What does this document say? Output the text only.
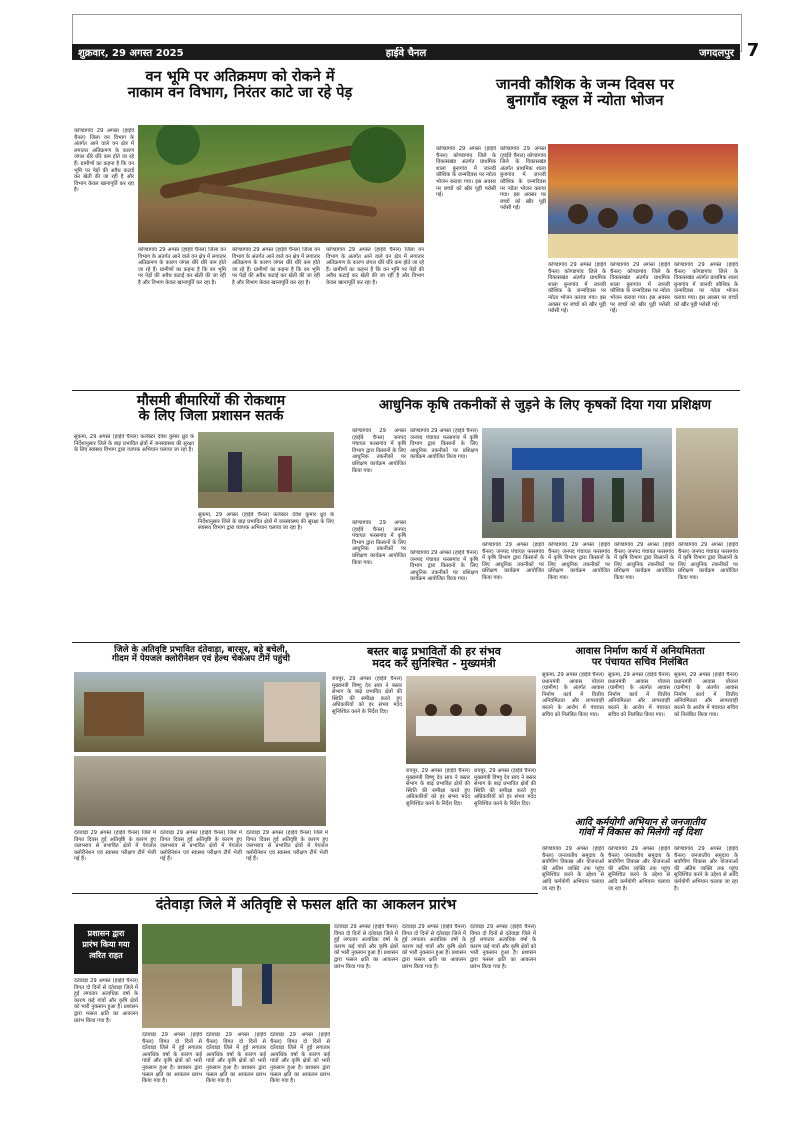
शुक्रवार, 29 अगस्त 2025	हाईवे चैनल	जगदलपुर 7
वन भूमि पर अतिक्रमण को रोकने में
नाकाम वन विभाग, निरंतर काटे जा रहे पेड़
कोण्डागांव 29 अगस्त (हाईवे चैनल) जिला वन विभाग के अंतर्गत आने वाले वन क्षेत्र में लगातार अतिक्रमण के कारण जंगल धीरे धीरे कम होते जा रहे हैं। ग्रामीणों का कहना है कि वन भूमि पर पेड़ों की अवैध कटाई कर खेती की जा रही है और विभाग केवल खानापूर्ति कर रहा है।
कोण्डागांव 29 अगस्त (हाईवे चैनल) जिला वन विभाग के अंतर्गत आने वाले वन क्षेत्र में लगातार अतिक्रमण के कारण जंगल धीरे धीरे कम होते जा रहे हैं। ग्रामीणों का कहना है कि वन भूमि पर पेड़ों की अवैध कटाई कर खेती की जा रही है और विभाग केवल खानापूर्ति कर रहा है।
कोण्डागांव 29 अगस्त (हाईवे चैनल) जिला वन विभाग के अंतर्गत आने वाले वन क्षेत्र में लगातार अतिक्रमण के कारण जंगल धीरे धीरे कम होते जा रहे हैं। ग्रामीणों का कहना है कि वन भूमि पर पेड़ों की अवैध कटाई कर खेती की जा रही है और विभाग केवल खानापूर्ति कर रहा है।
कोण्डागांव 29 अगस्त (हाईवे चैनल) जिला वन विभाग के अंतर्गत आने वाले वन क्षेत्र में लगातार अतिक्रमण के कारण जंगल धीरे धीरे कम होते जा रहे हैं। ग्रामीणों का कहना है कि वन भूमि पर पेड़ों की अवैध कटाई कर खेती की जा रही है और विभाग केवल खानापूर्ति कर रहा है।
जानवी कौशिक के जन्म दिवस पर
बुनागाँव स्कूल में न्योता भोजन
कोण्डागांव 29 अगस्त (हाईवे चैनल) कोण्डागांव जिले के विकासखंड अंतर्गत प्राथमिक शाला बुनागांव में जानवी कौशिक के जन्मदिवस पर न्योता भोजन कराया गया। इस अवसर पर बच्चों को खीर पूड़ी परोसी गई।
कोण्डागांव 29 अगस्त (हाईवे चैनल) कोण्डागांव जिले के विकासखंड अंतर्गत प्राथमिक शाला बुनागांव में जानवी कौशिक के जन्मदिवस पर न्योता भोजन कराया गया। इस अवसर पर बच्चों को खीर पूड़ी परोसी गई।
कोण्डागांव 29 अगस्त (हाईवे चैनल) कोण्डागांव जिले के विकासखंड अंतर्गत प्राथमिक शाला बुनागांव में जानवी कौशिक के जन्मदिवस पर न्योता भोजन कराया गया। इस अवसर पर बच्चों को खीर पूड़ी परोसी गई।
कोण्डागांव 29 अगस्त (हाईवे चैनल) कोण्डागांव जिले के विकासखंड अंतर्गत प्राथमिक शाला बुनागांव में जानवी कौशिक के जन्मदिवस पर न्योता भोजन कराया गया। इस अवसर पर बच्चों को खीर पूड़ी परोसी गई।
कोण्डागांव 29 अगस्त (हाईवे चैनल) कोण्डागांव जिले के विकासखंड अंतर्गत प्राथमिक शाला बुनागांव में जानवी कौशिक के जन्मदिवस पर न्योता भोजन कराया गया। इस अवसर पर बच्चों को खीर पूड़ी परोसी गई।
मौसमी बीमारियों की रोकथाम
के लिए जिला प्रशासन सतर्क
सुकमा, 29 अगस्त (हाईवे चैनल) कलेक्टर देवेश कुमार ध्रुव के निर्देशानुसार जिले के बाढ़ प्रभावित क्षेत्रों में जनस्वास्थ्य की सुरक्षा के लिए स्वास्थ्य विभाग द्वारा व्यापक अभियान चलाया जा रहा है।
सुकमा, 29 अगस्त (हाईवे चैनल) कलेक्टर देवेश कुमार ध्रुव के निर्देशानुसार जिले के बाढ़ प्रभावित क्षेत्रों में जनस्वास्थ्य की सुरक्षा के लिए स्वास्थ्य विभाग द्वारा व्यापक अभियान चलाया जा रहा है।
आधुनिक कृषि तकनीकों से जुड़ने के लिए कृषकों दिया गया प्रशिक्षण
कोण्डागांव 29 अगस्त (हाईवे चैनल) जनपद पंचायत फरसगांव में कृषि विभाग द्वारा किसानों के लिए आधुनिक तकनीकों पर प्रशिक्षण कार्यक्रम आयोजित किया गया।
कोण्डागांव 29 अगस्त (हाईवे चैनल) जनपद पंचायत फरसगांव में कृषि विभाग द्वारा किसानों के लिए आधुनिक तकनीकों पर प्रशिक्षण कार्यक्रम आयोजित किया गया।
कोण्डागांव 29 अगस्त (हाईवे चैनल) जनपद पंचायत फरसगांव में कृषि विभाग द्वारा किसानों के लिए आधुनिक तकनीकों पर प्रशिक्षण कार्यक्रम आयोजित किया गया।
कोण्डागांव 29 अगस्त (हाईवे चैनल) जनपद पंचायत फरसगांव में कृषि विभाग द्वारा किसानों के लिए आधुनिक तकनीकों पर प्रशिक्षण कार्यक्रम आयोजित किया गया।
कोण्डागांव 29 अगस्त (हाईवे चैनल) जनपद पंचायत फरसगांव में कृषि विभाग द्वारा किसानों के लिए आधुनिक तकनीकों पर प्रशिक्षण कार्यक्रम आयोजित किया गया।
कोण्डागांव 29 अगस्त (हाईवे चैनल) जनपद पंचायत फरसगांव में कृषि विभाग द्वारा किसानों के लिए आधुनिक तकनीकों पर प्रशिक्षण कार्यक्रम आयोजित किया गया।
कोण्डागांव 29 अगस्त (हाईवे चैनल) जनपद पंचायत फरसगांव में कृषि विभाग द्वारा किसानों के लिए आधुनिक तकनीकों पर प्रशिक्षण कार्यक्रम आयोजित किया गया।
कोण्डागांव 29 अगस्त (हाईवे चैनल) जनपद पंचायत फरसगांव में कृषि विभाग द्वारा किसानों के लिए आधुनिक तकनीकों पर प्रशिक्षण कार्यक्रम आयोजित किया गया।
जिले के अतिवृष्टि प्रभावित दंतेवाड़ा, बारसूर, बड़े बचेली,
गीदम में पेयजल क्लोरीनेशन एवं हेल्थ चेकअप टीमें पहुंची
दंतेवाड़ा 29 अगस्त (हाईवे चैनल) जिले में विगत दिवस हुई अतिवृष्टि के कारण हुए जलभराव से प्रभावित क्षेत्रों में पेयजल क्लोरीनेशन एवं स्वास्थ्य परीक्षण टीमें भेजी गई हैं।
दंतेवाड़ा 29 अगस्त (हाईवे चैनल) जिले में विगत दिवस हुई अतिवृष्टि के कारण हुए जलभराव से प्रभावित क्षेत्रों में पेयजल क्लोरीनेशन एवं स्वास्थ्य परीक्षण टीमें भेजी गई हैं।
दंतेवाड़ा 29 अगस्त (हाईवे चैनल) जिले में विगत दिवस हुई अतिवृष्टि के कारण हुए जलभराव से प्रभावित क्षेत्रों में पेयजल क्लोरीनेशन एवं स्वास्थ्य परीक्षण टीमें भेजी गई हैं।
बस्तर बाढ़ प्रभावितों की हर संभव
मदद करें सुनिश्चित - मुख्यमंत्री
रायपुर, 29 अगस्त (हाईवे चैनल) मुख्यमंत्री विष्णु देव साय ने बस्तर संभाग के बाढ़ प्रभावित क्षेत्रों की स्थिति की समीक्षा करते हुए अधिकारियों को हर संभव मदद सुनिश्चित करने के निर्देश दिए।
रायपुर, 29 अगस्त (हाईवे चैनल) मुख्यमंत्री विष्णु देव साय ने बस्तर संभाग के बाढ़ प्रभावित क्षेत्रों की स्थिति की समीक्षा करते हुए अधिकारियों को हर संभव मदद सुनिश्चित करने के निर्देश दिए।
रायपुर, 29 अगस्त (हाईवे चैनल) मुख्यमंत्री विष्णु देव साय ने बस्तर संभाग के बाढ़ प्रभावित क्षेत्रों की स्थिति की समीक्षा करते हुए अधिकारियों को हर संभव मदद सुनिश्चित करने के निर्देश दिए।
आवास निर्माण कार्य में अनियमितता
पर पंचायत सचिव निलंबित
सुकमा, 29 अगस्त (हाईवे चैनल) प्रधानमंत्री आवास योजना (ग्रामीण) के अंतर्गत आवास निर्माण कार्य में वित्तीय अनियमितता और लापरवाही बरतने के आरोप में पंचायत सचिव को निलंबित किया गया।
सुकमा, 29 अगस्त (हाईवे चैनल) प्रधानमंत्री आवास योजना (ग्रामीण) के अंतर्गत आवास निर्माण कार्य में वित्तीय अनियमितता और लापरवाही बरतने के आरोप में पंचायत सचिव को निलंबित किया गया।
सुकमा, 29 अगस्त (हाईवे चैनल) प्रधानमंत्री आवास योजना (ग्रामीण) के अंतर्गत आवास निर्माण कार्य में वित्तीय अनियमितता और लापरवाही बरतने के आरोप में पंचायत सचिव को निलंबित किया गया।
आदि कर्मयोगी अभियान से जनजातीय
गांवों में विकास को मिलेगी नई दिशा
दंतेवाड़ा जिले में अतिवृष्टि से फसल क्षति का आकलन प्रारंभ
प्रशासन द्वारा
प्रारंभ किया गया
त्वरित राहत
दंतेवाड़ा 29 अगस्त (हाईवे चैनल) विगत दो दिनों से दंतेवाड़ा जिले में हुई लगातार अत्यधिक वर्षा के कारण कई गांवों और कृषि क्षेत्रों को भारी नुकसान हुआ है। प्रशासन द्वारा फसल क्षति का आकलन प्रारंभ किया गया है।
दंतेवाड़ा 29 अगस्त (हाईवे चैनल) विगत दो दिनों से दंतेवाड़ा जिले में हुई लगातार अत्यधिक वर्षा के कारण कई गांवों और कृषि क्षेत्रों को भारी नुकसान हुआ है। प्रशासन द्वारा फसल क्षति का आकलन प्रारंभ किया गया है।
दंतेवाड़ा 29 अगस्त (हाईवे चैनल) विगत दो दिनों से दंतेवाड़ा जिले में हुई लगातार अत्यधिक वर्षा के कारण कई गांवों और कृषि क्षेत्रों को भारी नुकसान हुआ है। प्रशासन द्वारा फसल क्षति का आकलन प्रारंभ किया गया है।
दंतेवाड़ा 29 अगस्त (हाईवे चैनल) विगत दो दिनों से दंतेवाड़ा जिले में हुई लगातार अत्यधिक वर्षा के कारण कई गांवों और कृषि क्षेत्रों को भारी नुकसान हुआ है। प्रशासन द्वारा फसल क्षति का आकलन प्रारंभ किया गया है।
दंतेवाड़ा 29 अगस्त (हाईवे चैनल) विगत दो दिनों से दंतेवाड़ा जिले में हुई लगातार अत्यधिक वर्षा के कारण कई गांवों और कृषि क्षेत्रों को भारी नुकसान हुआ है। प्रशासन द्वारा फसल क्षति का आकलन प्रारंभ किया गया है।
दंतेवाड़ा 29 अगस्त (हाईवे चैनल) विगत दो दिनों से दंतेवाड़ा जिले में हुई लगातार अत्यधिक वर्षा के कारण कई गांवों और कृषि क्षेत्रों को भारी नुकसान हुआ है। प्रशासन द्वारा फसल क्षति का आकलन प्रारंभ किया गया है।
दंतेवाड़ा 29 अगस्त (हाईवे चैनल) विगत दो दिनों से दंतेवाड़ा जिले में हुई लगातार अत्यधिक वर्षा के कारण कई गांवों और कृषि क्षेत्रों को भारी नुकसान हुआ है। प्रशासन द्वारा फसल क्षति का आकलन प्रारंभ किया गया है।
कोण्डागांव 29 अगस्त (हाईवे चैनल) जनजातीय समुदाय के सर्वांगीण विकास और योजनाओं की अंतिम व्यक्ति तक पहुंच सुनिश्चित करने के उद्देश्य से आदि कर्मयोगी अभियान चलाया जा रहा है।
कोण्डागांव 29 अगस्त (हाईवे चैनल) जनजातीय समुदाय के सर्वांगीण विकास और योजनाओं की अंतिम व्यक्ति तक पहुंच सुनिश्चित करने के उद्देश्य से आदि कर्मयोगी अभियान चलाया जा रहा है।
कोण्डागांव 29 अगस्त (हाईवे चैनल) जनजातीय समुदाय के सर्वांगीण विकास और योजनाओं की अंतिम व्यक्ति तक पहुंच सुनिश्चित करने के उद्देश्य से आदि कर्मयोगी अभियान चलाया जा रहा है।
